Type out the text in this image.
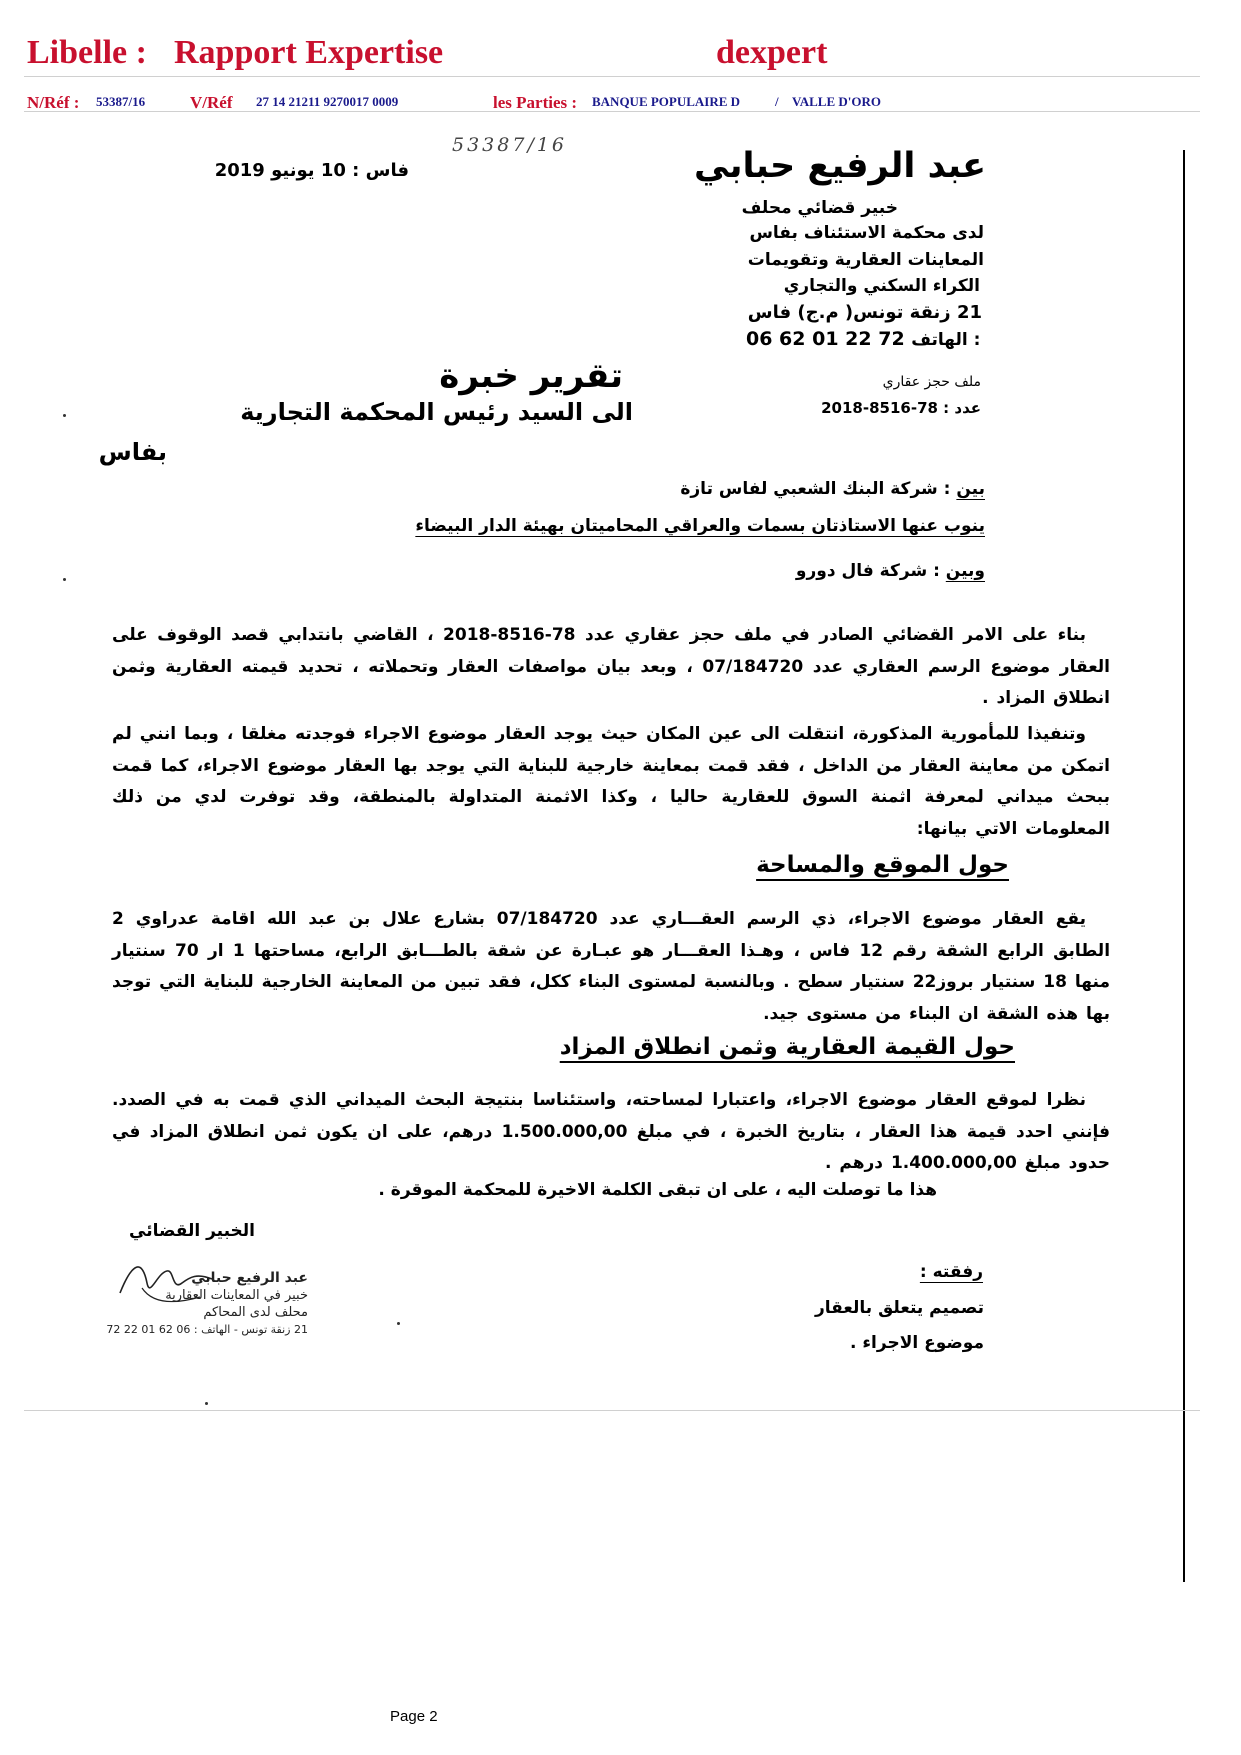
Libelle : Rapport Expertise	dexpert
N/Réf : 53387/16	V/Réf 27 14 21211 9270017 0009	les Parties : BANQUE POPULAIRE D	/ VALLE D'ORO
53387/16
عبد الرفيع حبابي
خبير قضائي محلف
لدى محكمة الاستئناف بفاس
المعاينات العقارية وتقويمات
الكراء السكني والتجاري
21 زنقة تونس( م.ج) فاس
06 62 01 22 72 الهاتف :
فاس : 10 يونيو 2019
تقرير خبرة
الى السيد رئيس المحكمة التجارية
بفاس
ملف حجز عقاري
عدد : 78-8516-2018
بين : شركة البنك الشعبي لفاس تازة
ينوب عنها الاستاذتان بسمات والعراقي المحاميتان بهيئة الدار البيضاء
وبين : شركة فال دورو
بناء على الامر القضائي الصادر في ملف حجز عقاري عدد 78-8516-2018 ، القاضي بانتدابي قصد الوقوف على العقار موضوع الرسم العقاري عدد 07/184720 ، وبعد بيان مواصفات العقار وتحملاته ، تحديد قيمته العقارية وثمن انطلاق المزاد .
وتنفيذا للمأمورية المذكورة، انتقلت الى عين المكان حيث يوجد العقار موضوع الاجراء فوجدته مغلقا ، وبما انني لم اتمكن من معاينة العقار من الداخل ، فقد قمت بمعاينة خارجية للبناية التي يوجد بها العقار موضوع الاجراء، كما قمت ببحث ميداني لمعرفة اثمنة السوق للعقارية حاليا ، وكذا الاثمنة المتداولة بالمنطقة، وقد توفرت لدي من ذلك المعلومات الاتي بيانها:
حول الموقع والمساحة
يقع العقار موضوع الاجراء، ذي الرسم العقـــاري عدد 07/184720 بشارع علال بن عبد الله اقامة عدراوي 2 الطابق الرابع الشقة رقم 12 فاس ، وهـذا العقـــار هو عبـارة عن شقة بالطـــابق الرابع، مساحتها 1 ار 70 سنتيار منها 18 سنتيار بروز22 سنتيار سطح . وبالنسبة لمستوى البناء ككل، فقد تبين من المعاينة الخارجية للبناية التي توجد بها هذه الشقة ان البناء من مستوى جيد.
حول القيمة العقارية وثمن انطلاق المزاد
نظرا لموقع العقار موضوع الاجراء، واعتبارا لمساحته، واستئناسا بنتيجة البحث الميداني الذي قمت به في الصدد. فإنني احدد قيمة هذا العقار ، بتاريخ الخبرة ، في مبلغ 1.500.000,00 درهم، على ان يكون ثمن انطلاق المزاد في حدود مبلغ 1.400.000,00 درهم .
هذا ما توصلت اليه ، على ان تبقى الكلمة الاخيرة للمحكمة الموقرة .
الخبير القضائي
عبد الرفيع حبابي
خبير في المعاينات العقارية
محلف لدى المحاكم
21 زنقة تونس - الهاتف : 06 62 01 22 72
رفقته :
تصميم يتعلق بالعقار
موضوع الاجراء .
Page 2
